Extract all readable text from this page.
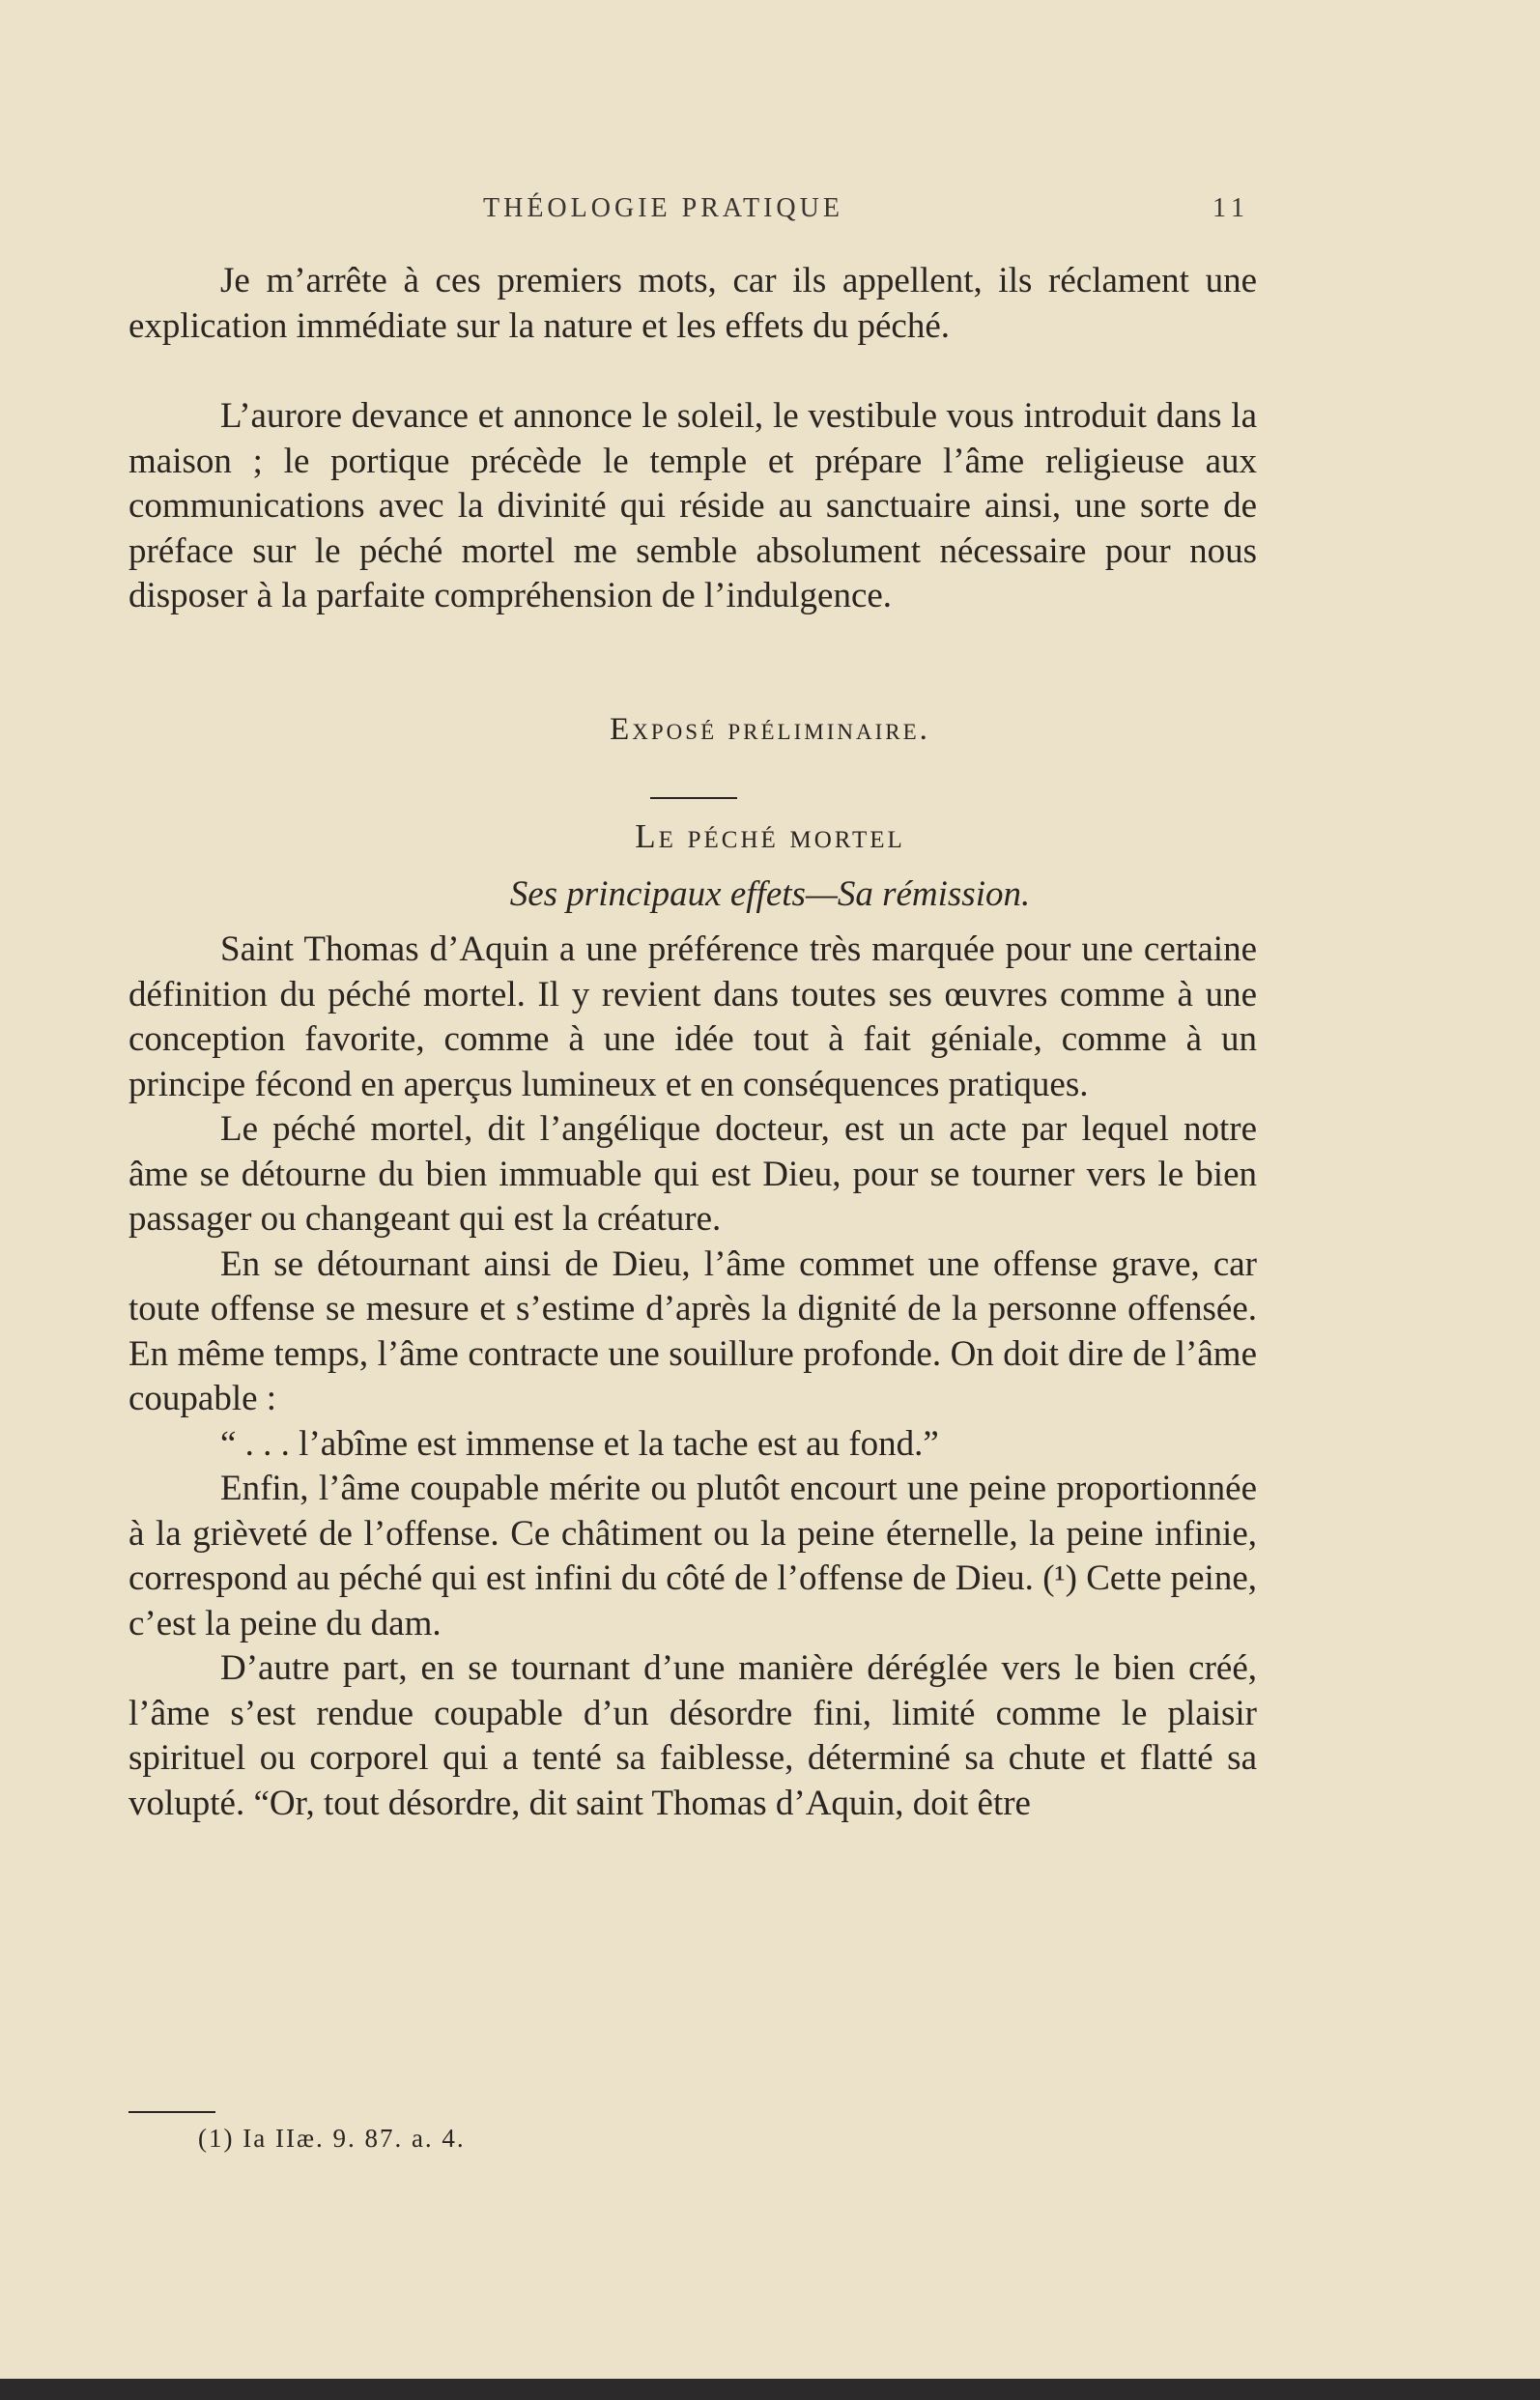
THÉOLOGIE PRATIQUE	11

Je m’arrête à ces premiers mots, car ils appellent, ils réclament une explication immédiate sur la nature et les effets du péché.

L’aurore devance et annonce le soleil, le vestibule vous introduit dans la maison ; le portique précède le temple et prépare l’âme religieuse aux communications avec la divinité qui réside au sanctuaire ainsi, une sorte de préface sur le péché mortel me semble absolument nécessaire pour nous disposer à la parfaite compréhension de l’indulgence.

Exposé préliminaire.
Le péché mortel
Ses principaux effets—Sa rémission.

Saint Thomas d’Aquin a une préférence très marquée pour une certaine définition du péché mortel. Il y revient dans toutes ses œuvres comme à une conception favorite, comme à une idée tout à fait géniale, comme à un principe fécond en aperçus lumineux et en conséquences pratiques.

Le péché mortel, dit l’angélique docteur, est un acte par lequel notre âme se détourne du bien immuable qui est Dieu, pour se tourner vers le bien passager ou changeant qui est la créature.

En se détournant ainsi de Dieu, l’âme commet une offense grave, car toute offense se mesure et s’estime d’après la dignité de la personne offensée. En même temps, l’âme contracte une souillure profonde. On doit dire de l’âme coupable :

“ . . . l’abîme est immense et la tache est au fond.”

Enfin, l’âme coupable mérite ou plutôt encourt une peine proportionnée à la grièveté de l’offense. Ce châtiment ou la peine éternelle, la peine infinie, correspond au péché qui est infini du côté de l’offense de Dieu. (¹) Cette peine, c’est la peine du dam.

D’autre part, en se tournant d’une manière déréglée vers le bien créé, l’âme s’est rendue coupable d’un désordre fini, limité comme le plaisir spirituel ou corporel qui a tenté sa faiblesse, déterminé sa chute et flatté sa volupté. “Or, tout désordre, dit saint Thomas d’Aquin, doit être

(1) Ia IIæ. 9. 87. a. 4.
